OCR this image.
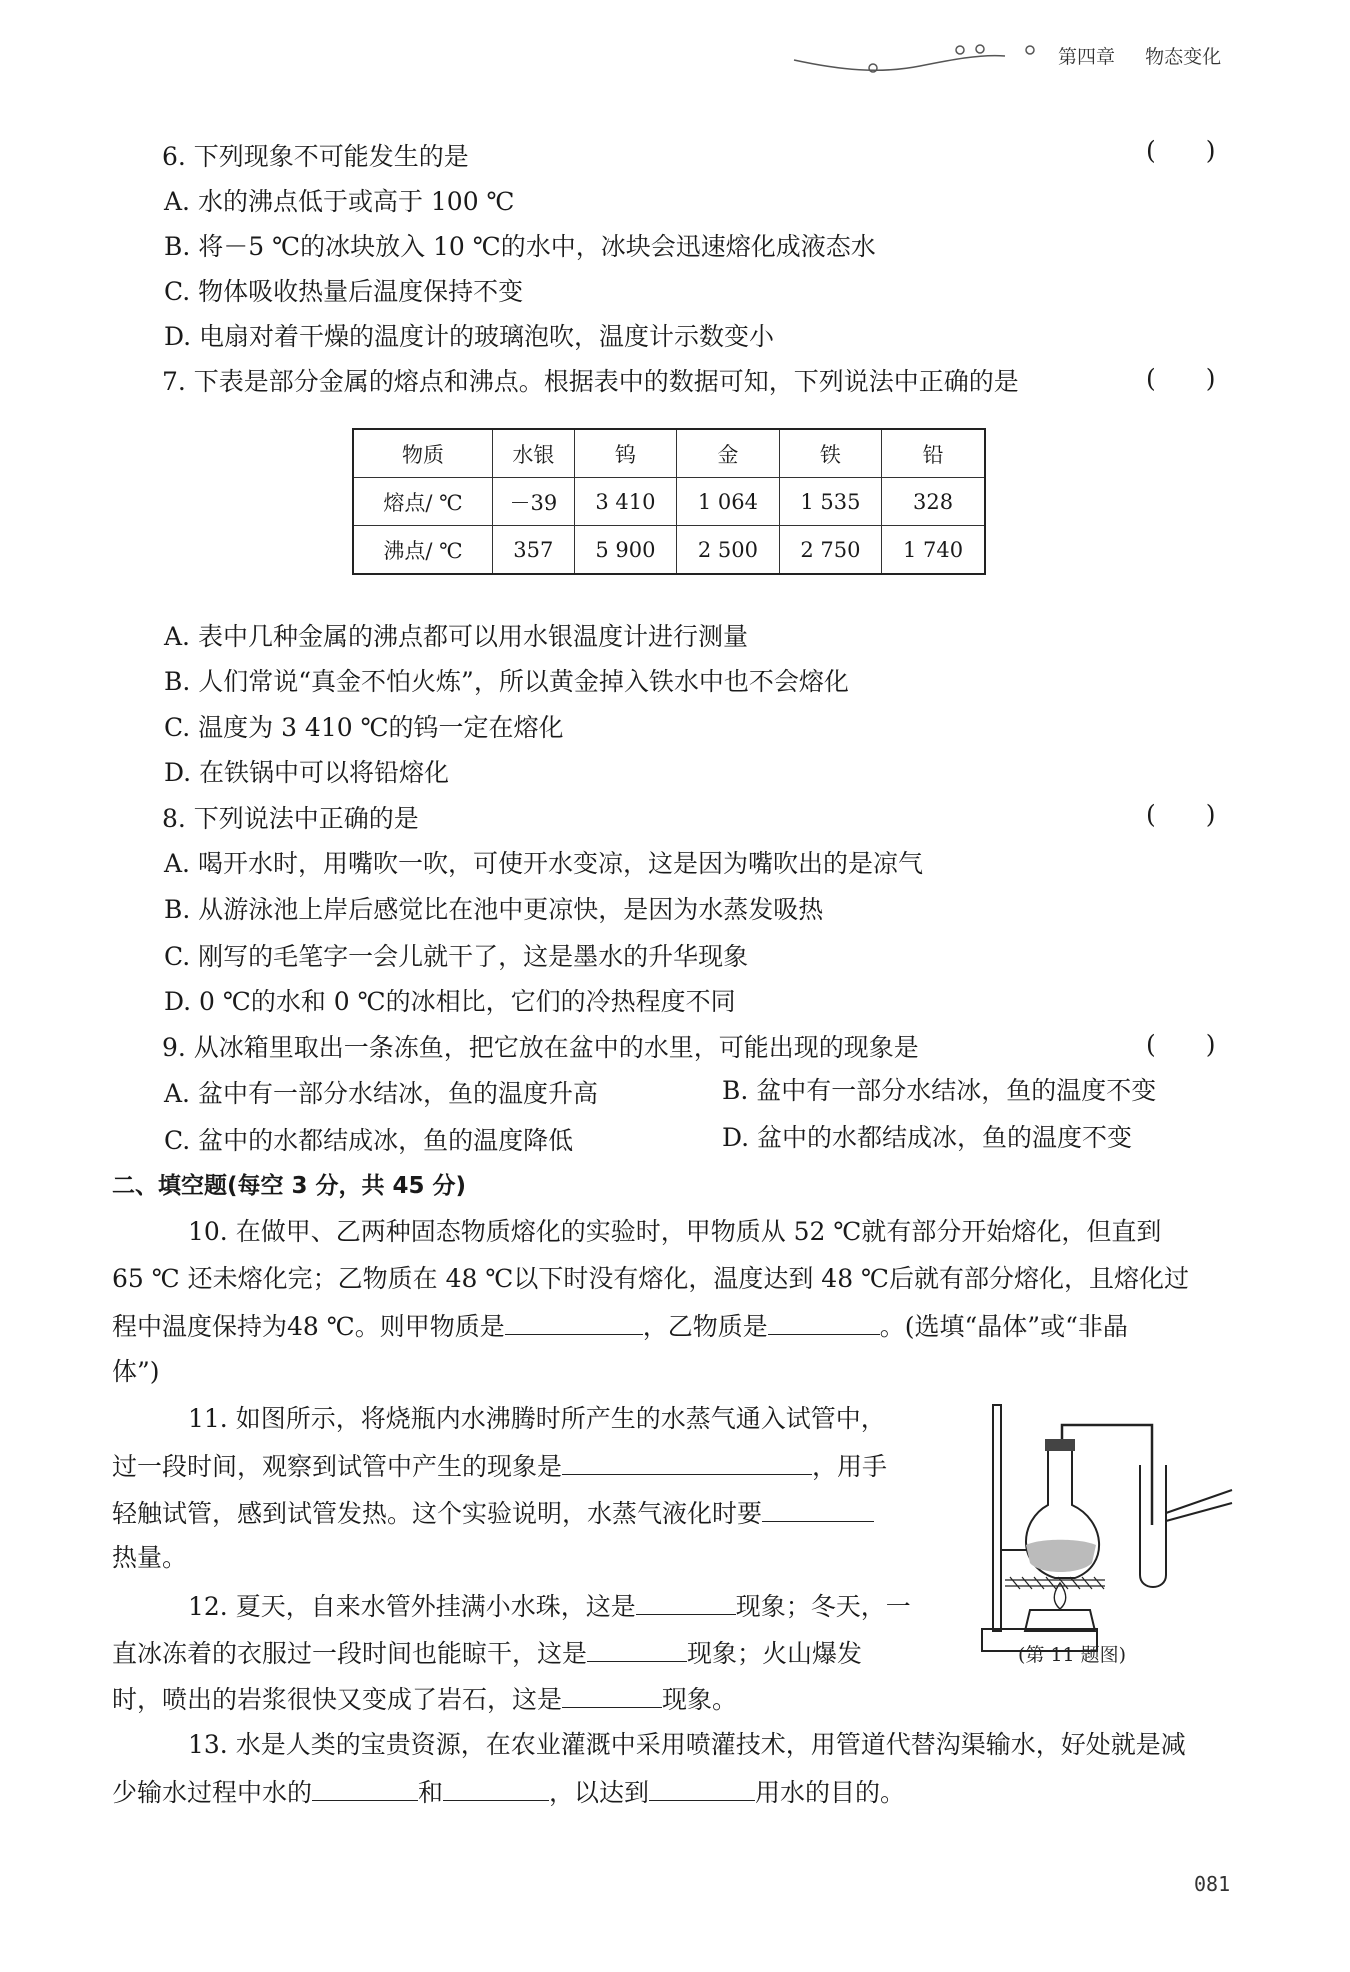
第四章 物态变化
6. 下列现象不可能发生的是	(　　)
A. 水的沸点低于或高于 100 ℃
B. 将－5 ℃的冰块放入 10 ℃的水中，冰块会迅速熔化成液态水
C. 物体吸收热量后温度保持不变
D. 电扇对着干燥的温度计的玻璃泡吹，温度计示数变小
7. 下表是部分金属的熔点和沸点。根据表中的数据可知，下列说法中正确的是	(　　)
物质	水银	钨	金	铁	铅
熔点/ ℃	－39	3 410	1 064	1 535	328
沸点/ ℃	357	5 900	2 500	2 750	1 740
A. 表中几种金属的沸点都可以用水银温度计进行测量
B. 人们常说“真金不怕火炼”，所以黄金掉入铁水中也不会熔化
C. 温度为 3 410 ℃的钨一定在熔化
D. 在铁锅中可以将铅熔化
8. 下列说法中正确的是	(　　)
A. 喝开水时，用嘴吹一吹，可使开水变凉，这是因为嘴吹出的是凉气
B. 从游泳池上岸后感觉比在池中更凉快，是因为水蒸发吸热
C. 刚写的毛笔字一会儿就干了，这是墨水的升华现象
D. 0 ℃的水和 0 ℃的冰相比，它们的冷热程度不同
9. 从冰箱里取出一条冻鱼，把它放在盆中的水里，可能出现的现象是	(　　)
A. 盆中有一部分水结冰，鱼的温度升高	B. 盆中有一部分水结冰，鱼的温度不变
C. 盆中的水都结成冰，鱼的温度降低	D. 盆中的水都结成冰，鱼的温度不变
二、填空题(每空 3 分，共 45 分)
10. 在做甲、乙两种固态物质熔化的实验时，甲物质从 52 ℃就有部分开始熔化，但直到
65 ℃ 还未熔化完；乙物质在 48 ℃以下时没有熔化，温度达到 48 ℃后就有部分熔化，且熔化过
程中温度保持为48 ℃。则甲物质是	，乙物质是	。(选填“晶体”或“非晶
体”)
11. 如图所示，将烧瓶内水沸腾时所产生的水蒸气通入试管中，
过一段时间，观察到试管中产生的现象是	，用手
轻触试管，感到试管发热。这个实验说明，水蒸气液化时要
热量。
(第 11 题图)
12. 夏天，自来水管外挂满小水珠，这是	现象；冬天，一
直冰冻着的衣服过一段时间也能晾干，这是	现象；火山爆发
时，喷出的岩浆很快又变成了岩石，这是	现象。
13. 水是人类的宝贵资源，在农业灌溉中采用喷灌技术，用管道代替沟渠输水，好处就是减
少输水过程中水的	和	，以达到	用水的目的。
081
